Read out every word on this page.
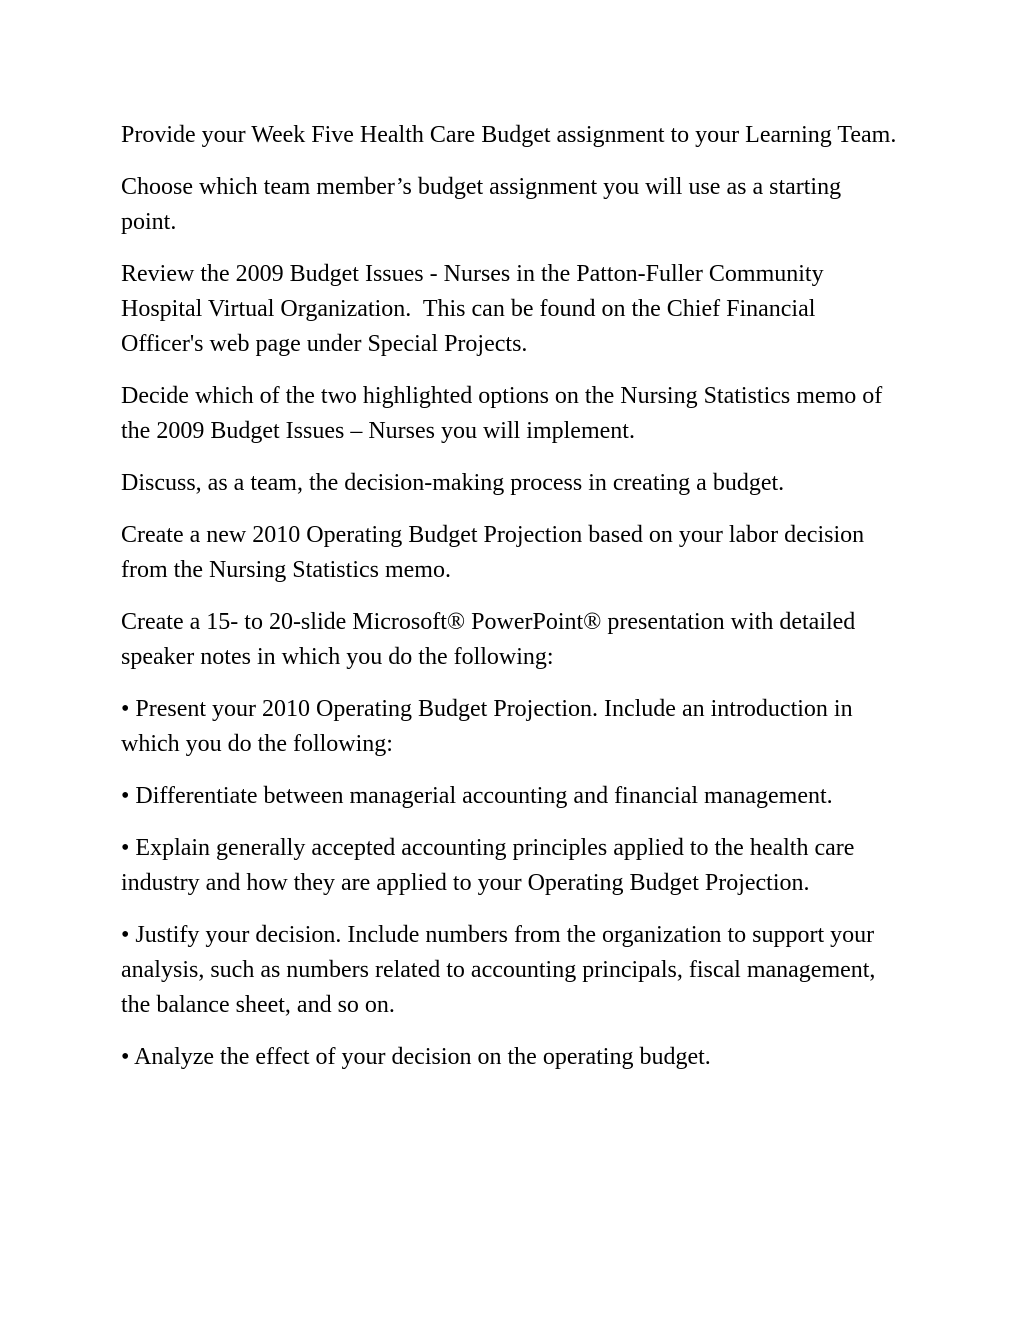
Provide your Week Five Health Care Budget assignment to your Learning Team.

Choose which team member’s budget assignment you will use as a starting point.

Review the 2009 Budget Issues - Nurses in the Patton-Fuller Community Hospital Virtual Organization.  This can be found on the Chief Financial Officer's web page under Special Projects.

Decide which of the two highlighted options on the Nursing Statistics memo of the 2009 Budget Issues – Nurses you will implement.

Discuss, as a team, the decision-making process in creating a budget.

Create a new 2010 Operating Budget Projection based on your labor decision from the Nursing Statistics memo.

Create a 15- to 20-slide Microsoft® PowerPoint® presentation with detailed speaker notes in which you do the following:

• Present your 2010 Operating Budget Projection. Include an introduction in which you do the following:

• Differentiate between managerial accounting and financial management.

• Explain generally accepted accounting principles applied to the health care industry and how they are applied to your Operating Budget Projection.

• Justify your decision. Include numbers from the organization to support your analysis, such as numbers related to accounting principals, fiscal management, the balance sheet, and so on.

• Analyze the effect of your decision on the operating budget.
